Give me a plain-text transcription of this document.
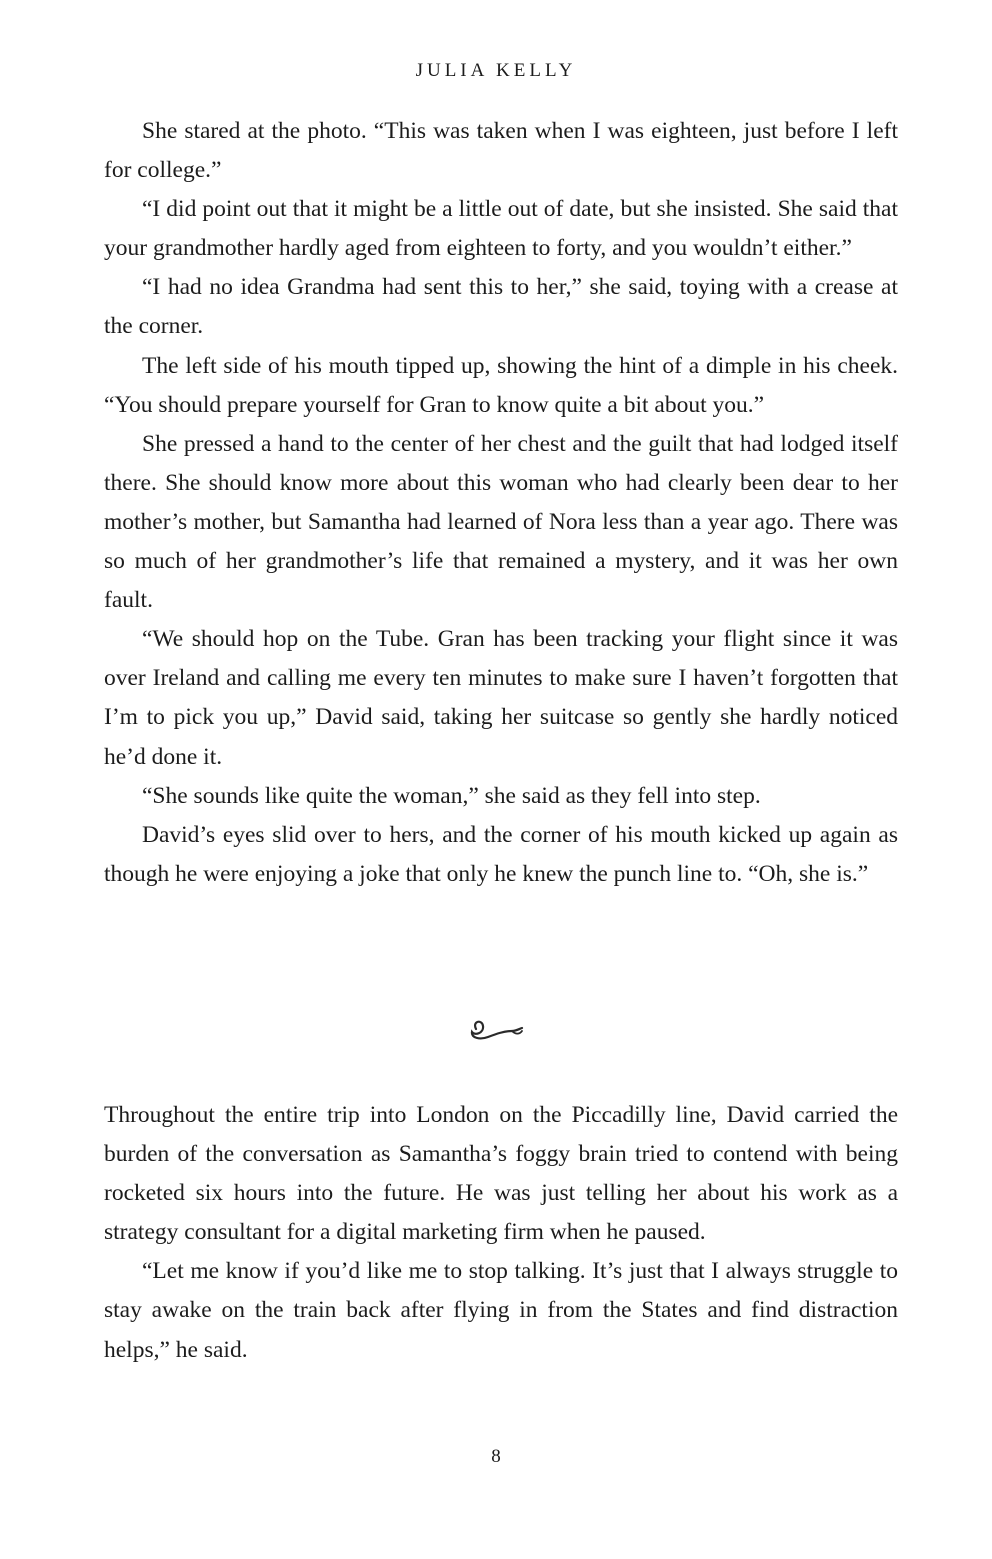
JULIA KELLY

She stared at the photo. “This was taken when I was eighteen, just before I left for college.”

“I did point out that it might be a little out of date, but she insisted. She said that your grandmother hardly aged from eighteen to forty, and you wouldn’t either.”

“I had no idea Grandma had sent this to her,” she said, toying with a crease at the corner.

The left side of his mouth tipped up, showing the hint of a dimple in his cheek. “You should prepare yourself for Gran to know quite a bit about you.”

She pressed a hand to the center of her chest and the guilt that had lodged itself there. She should know more about this woman who had clearly been dear to her mother’s mother, but Samantha had learned of Nora less than a year ago. There was so much of her grandmother’s life that remained a mystery, and it was her own fault.

“We should hop on the Tube. Gran has been tracking your flight since it was over Ireland and calling me every ten minutes to make sure I haven’t forgotten that I’m to pick you up,” David said, taking her suitcase so gently she hardly noticed he’d done it.

“She sounds like quite the woman,” she said as they fell into step.

David’s eyes slid over to hers, and the corner of his mouth kicked up again as though he were enjoying a joke that only he knew the punch line to. “Oh, she is.”

Throughout the entire trip into London on the Piccadilly line, David carried the burden of the conversation as Samantha’s foggy brain tried to contend with being rocketed six hours into the future. He was just telling her about his work as a strategy consultant for a digital marketing firm when he paused.

“Let me know if you’d like me to stop talking. It’s just that I always struggle to stay awake on the train back after flying in from the States and find distraction helps,” he said.

8
